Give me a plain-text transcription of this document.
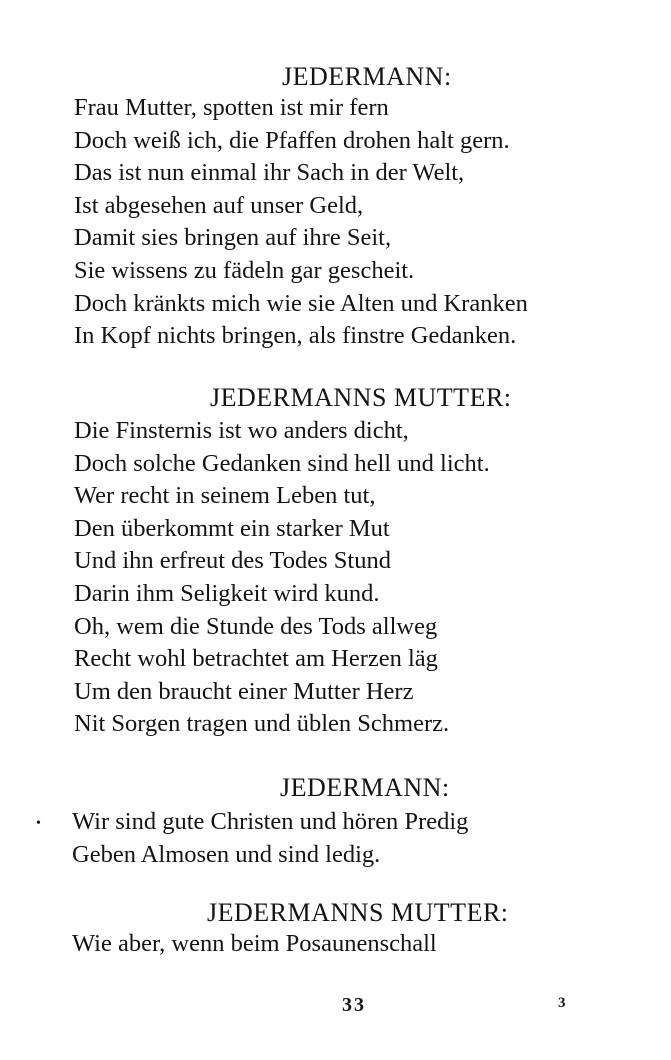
JEDERMANN:
Frau Mutter, spotten ist mir fern
Doch weiß ich, die Pfaffen drohen halt gern.
Das ist nun einmal ihr Sach in der Welt,
Ist abgesehen auf unser Geld,
Damit sies bringen auf ihre Seit,
Sie wissens zu fädeln gar gescheit.
Doch kränkts mich wie sie Alten und Kranken
In Kopf nichts bringen, als finstre Gedanken.
JEDERMANNS MUTTER:
Die Finsternis ist wo anders dicht,
Doch solche Gedanken sind hell und licht.
Wer recht in seinem Leben tut,
Den überkommt ein starker Mut
Und ihn erfreut des Todes Stund
Darin ihm Seligkeit wird kund.
Oh, wem die Stunde des Tods allweg
Recht wohl betrachtet am Herzen läg
Um den braucht einer Mutter Herz
Nit Sorgen tragen und üblen Schmerz.
JEDERMANN:
• Wir sind gute Christen und hören Predig
Geben Almosen und sind ledig.
JEDERMANNS MUTTER:
Wie aber, wenn beim Posaunenschall
33	3
